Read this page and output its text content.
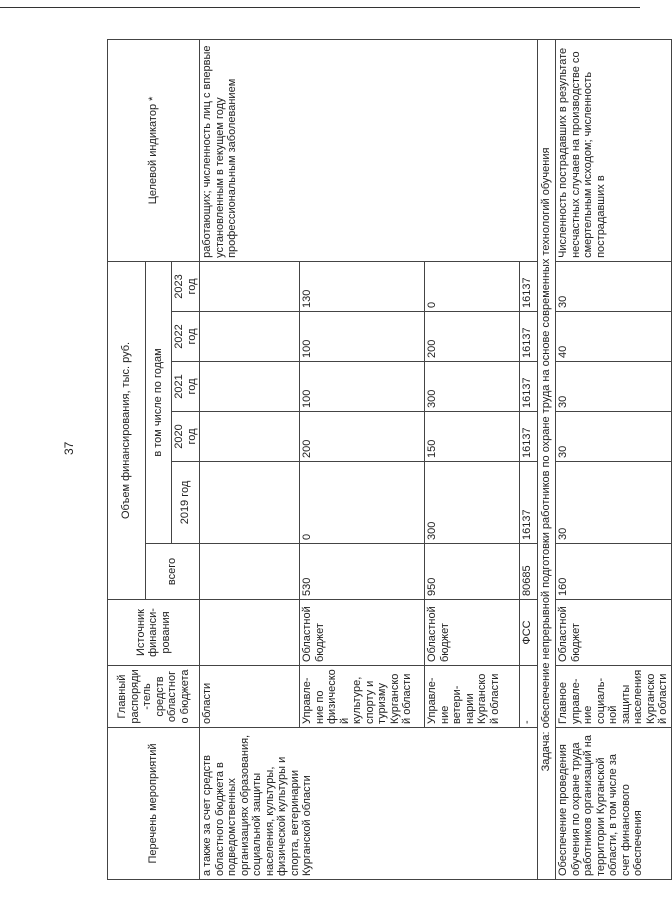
37
Перечень мероприятий	Главный распоряди-тель средств областного бюджета	Источник финанси-рования	Объем финансирования, тыс. руб.						Целевой индикатор *
			всего	в том числе по годам					
				2019 год	2020 год	2021 год	2022 год	2023 год	
а также за счет средств областного бюджета в подведомственных организациях образования, социальной защиты населения, культуры, физической культуры и спорта, ветеринарии Курганской области	области								работающих; численность лиц с впервые установленным в текущем году профессиональным заболеванием
	Управле-ние по физической культуре, спорту и туризму Курганской области	Областной бюджет	530	0	200	100	100	130	
	Управле-ние ветери-нарии Курганской области	Областной бюджет	950	300	150	300	200	0	
	-	ФСС	80685	16137	16137	16137	16137	16137	
Задача: обеспечение непрерывной подготовки работников по охране труда на основе современных технологий обучения									
Обеспечение проведения обучения по охране труда работников организаций на территории Курганской области, в том числе за счет финансового обеспечения	Главное управле-ние социаль-ной защиты населения Курганской области	Областной бюджет	160	30	30	30	40	30	Численность пострадавших в результате несчастных случаев на производстве со смертельным исходом; численность пострадавших в
